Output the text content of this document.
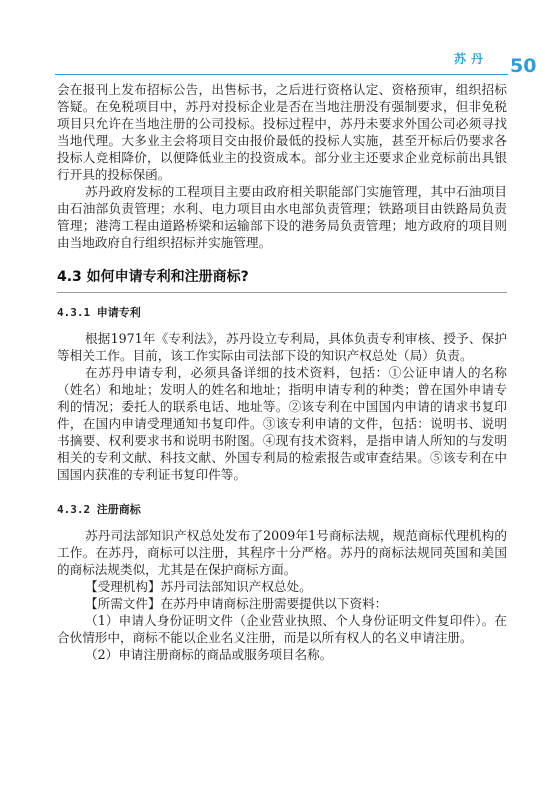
苏丹	50

会在报刊上发布招标公告，出售标书，之后进行资格认定、资格预审，组织招标答疑。在免税项目中，苏丹对投标企业是否在当地注册没有强制要求，但非免税项目只允许在当地注册的公司投标。投标过程中，苏丹未要求外国公司必须寻找当地代理。大多业主会将项目交由报价最低的投标人实施，甚至开标后仍要求各投标人竞相降价，以便降低业主的投资成本。部分业主还要求企业竞标前出具银行开具的投标保函。

苏丹政府发标的工程项目主要由政府相关职能部门实施管理，其中石油项目由石油部负责管理；水利、电力项目由水电部负责管理；铁路项目由铁路局负责管理；港湾工程由道路桥梁和运输部下设的港务局负责管理；地方政府的项目则由当地政府自行组织招标并实施管理。

4.3 如何申请专利和注册商标?
4.3.1 申请专利

根据1971年《专利法》，苏丹设立专利局，具体负责专利审核、授予、保护等相关工作。目前，该工作实际由司法部下设的知识产权总处（局）负责。

在苏丹申请专利，必须具备详细的技术资料，包括：①公证申请人的名称（姓名）和地址；发明人的姓名和地址；指明申请专利的种类；曾在国外申请专利的情况；委托人的联系电话、地址等。②该专利在中国国内申请的请求书复印件，在国内申请受理通知书复印件。③该专利申请的文件，包括：说明书、说明书摘要、权利要求书和说明书附图。④现有技术资料，是指申请人所知的与发明相关的专利文献、科技文献、外国专利局的检索报告或审查结果。⑤该专利在中国国内获准的专利证书复印件等。

4.3.2 注册商标

苏丹司法部知识产权总处发布了2009年1号商标法规，规范商标代理机构的工作。在苏丹，商标可以注册，其程序十分严格。苏丹的商标法规同英国和美国的商标法规类似，尤其是在保护商标方面。

【受理机构】苏丹司法部知识产权总处。

【所需文件】在苏丹申请商标注册需要提供以下资料：

（1）申请人身份证明文件（企业营业执照、个人身份证明文件复印件）。在合伙情形中，商标不能以企业名义注册，而是以所有权人的名义申请注册。

（2）申请注册商标的商品或服务项目名称。
